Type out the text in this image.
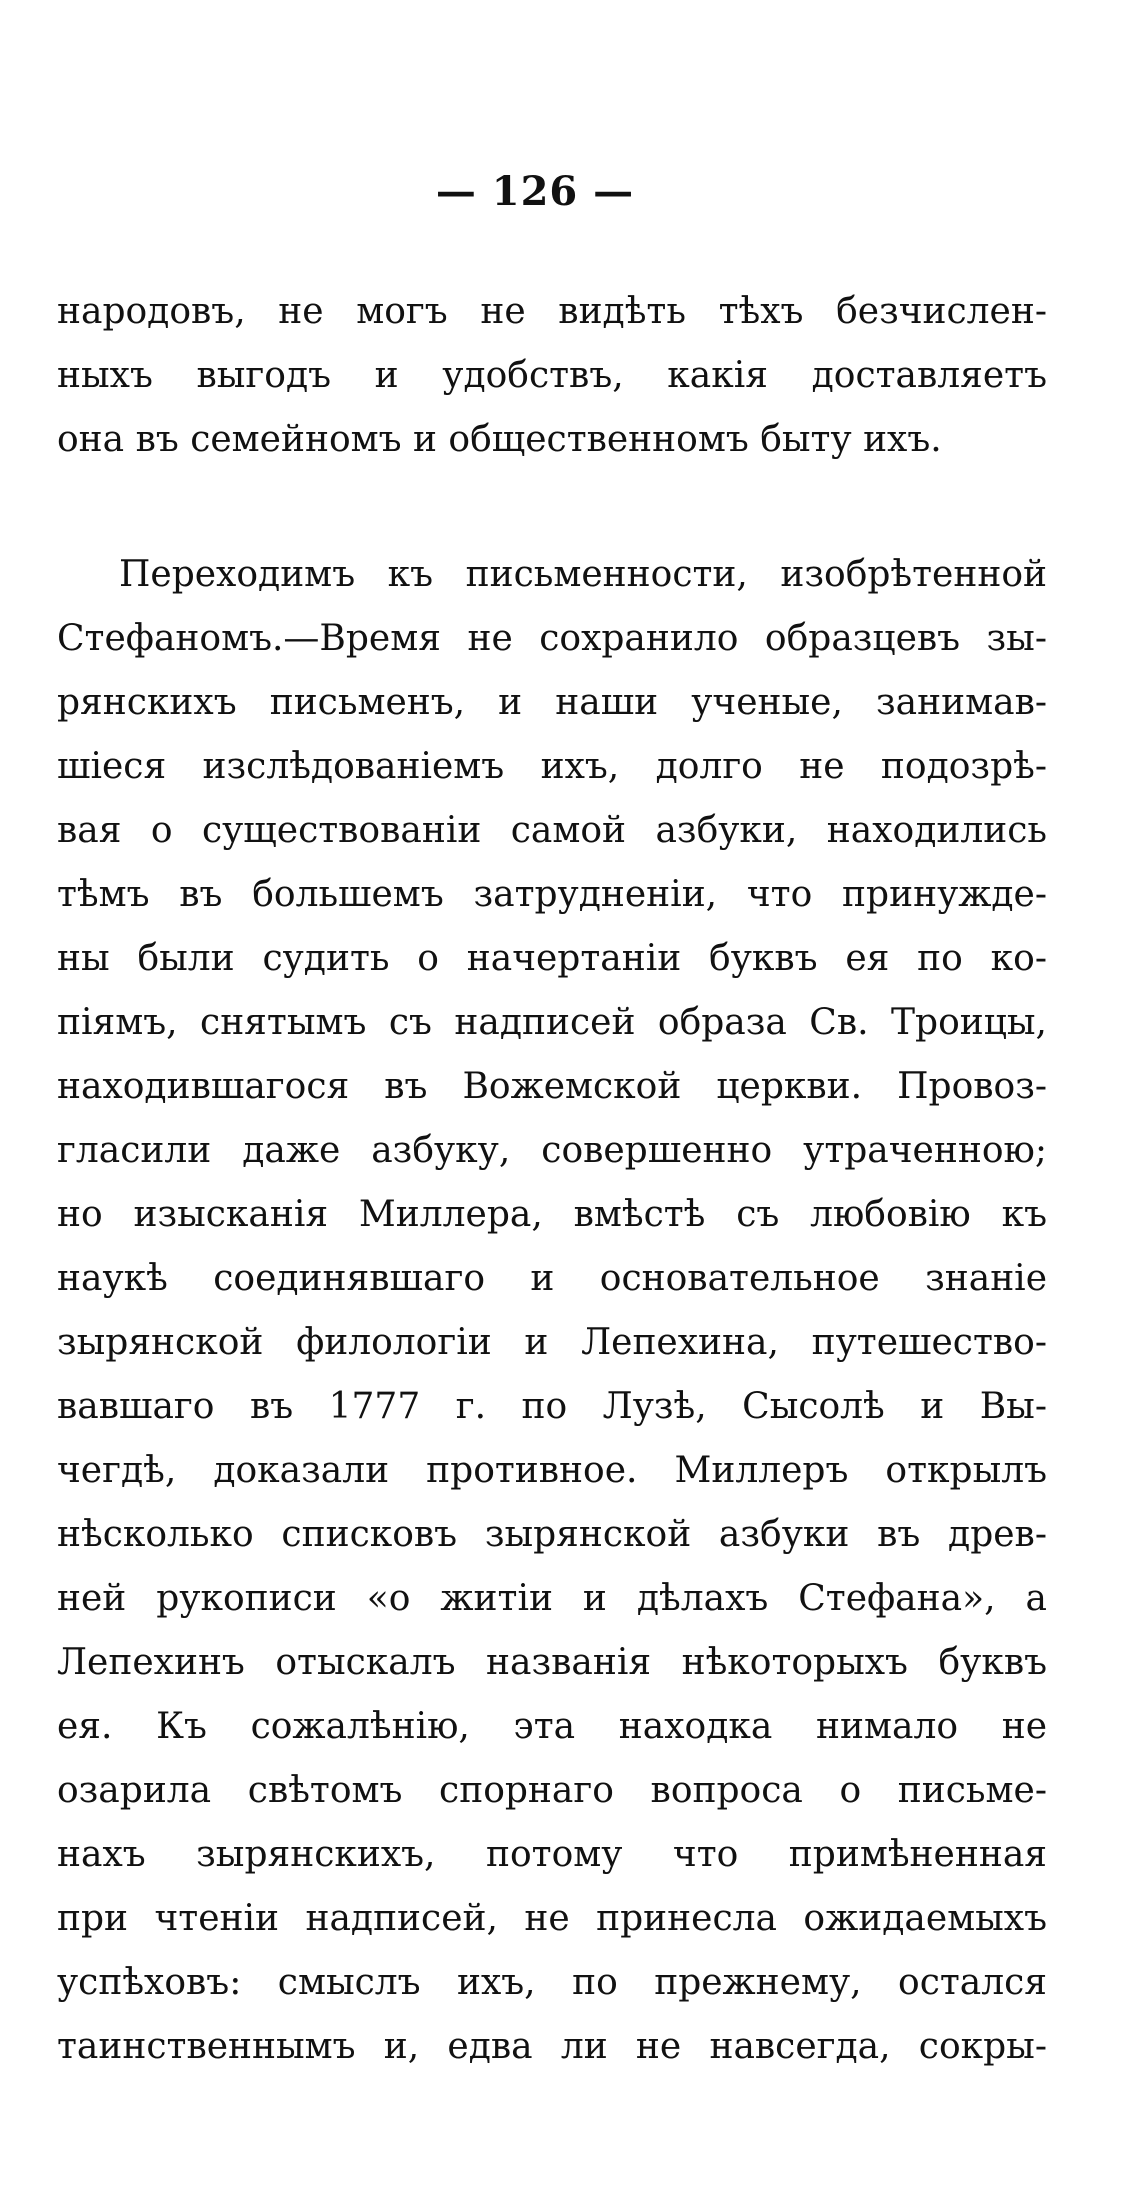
— 126 —
народовъ, не могъ не видѣть тѣхъ безчислен-
ныхъ выгодъ и удобствъ, какія доставляетъ
она въ семейномъ и общественномъ быту ихъ.
Переходимъ къ письменности, изобрѣтенной
Стефаномъ.—Время не сохранило образцевъ зы-
рянскихъ письменъ, и наши ученые, занимав-
шіеся изслѣдованіемъ ихъ, долго не подозрѣ-
вая о существованіи самой азбуки, находились
тѣмъ въ большемъ затрудненіи, что принужде-
ны были судить о начертаніи буквъ ея по ко-
піямъ, снятымъ съ надписей образа Св. Троицы,
находившагося въ Вожемской церкви. Провоз-
гласили даже азбуку, совершенно утраченною;
но изысканія Миллера, вмѣстѣ съ любовію къ
наукѣ соединявшаго и основательное знаніе
зырянской филологіи и Лепехина, путешество-
вавшаго въ 1777 г. по Лузѣ, Сысолѣ и Вы-
чегдѣ, доказали противное. Миллеръ открылъ
нѣсколько списковъ зырянской азбуки въ древ-
ней рукописи «о житіи и дѣлахъ Стефана», а
Лепехинъ отыскалъ названія нѣкоторыхъ буквъ
ея. Къ сожалѣнію, эта находка нимало не
озарила свѣтомъ спорнаго вопроса о письме-
нахъ зырянскихъ, потому что примѣненная
при чтеніи надписей, не принесла ожидаемыхъ
успѣховъ: смыслъ ихъ, по прежнему, остался
таинственнымъ и, едва ли не навсегда, сокры-
